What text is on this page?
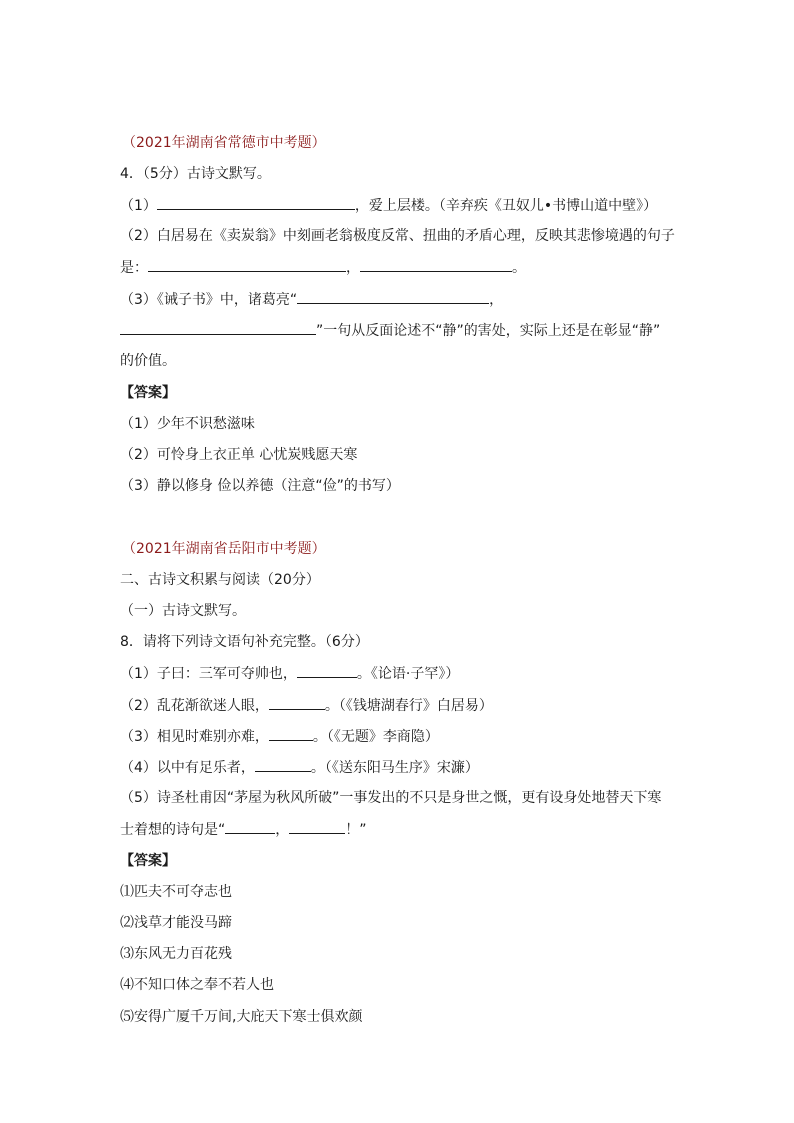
（2021年湖南省常德市中考题）
4．（5分）古诗文默写。
（1）	，爱上层楼。（辛弃疾《丑奴儿•书博山道中壁》）
（2）白居易在《卖炭翁》中刻画老翁极度反常、扭曲的矛盾心理，反映其悲惨境遇的句子
是：	，	。
（3）《诫子书》中，诸葛亮“	，
”一句从反面论述不“静”的害处，实际上还是在彰显“静”
的价值。
【答案】
（1）少年不识愁滋味
（2）可怜身上衣正单 心忧炭贱愿天寒
（3）静以修身 俭以养德（注意“俭”的书写）
（2021年湖南省岳阳市中考题）
二、古诗文积累与阅读（20分）
（一）古诗文默写。
8．请将下列诗文语句补充完整。（6分）
（1）子曰：三军可夺帅也，	。《论语·子罕》）
（2）乱花渐欲迷人眼，	。（《钱塘湖春行》白居易）
（3）相见时难别亦难，	。（《无题》李商隐）
（4）以中有足乐者，	。（《送东阳马生序》宋濂）
（5）诗圣杜甫因“茅屋为秋风所破”一事发出的不只是身世之慨，更有设身处地替天下寒
士着想的诗句是“	，	！”
【答案】
⑴匹夫不可夺志也
⑵浅草才能没马蹄
⑶东风无力百花残
⑷不知口体之奉不若人也
⑸安得广厦千万间,大庇天下寒士俱欢颜
